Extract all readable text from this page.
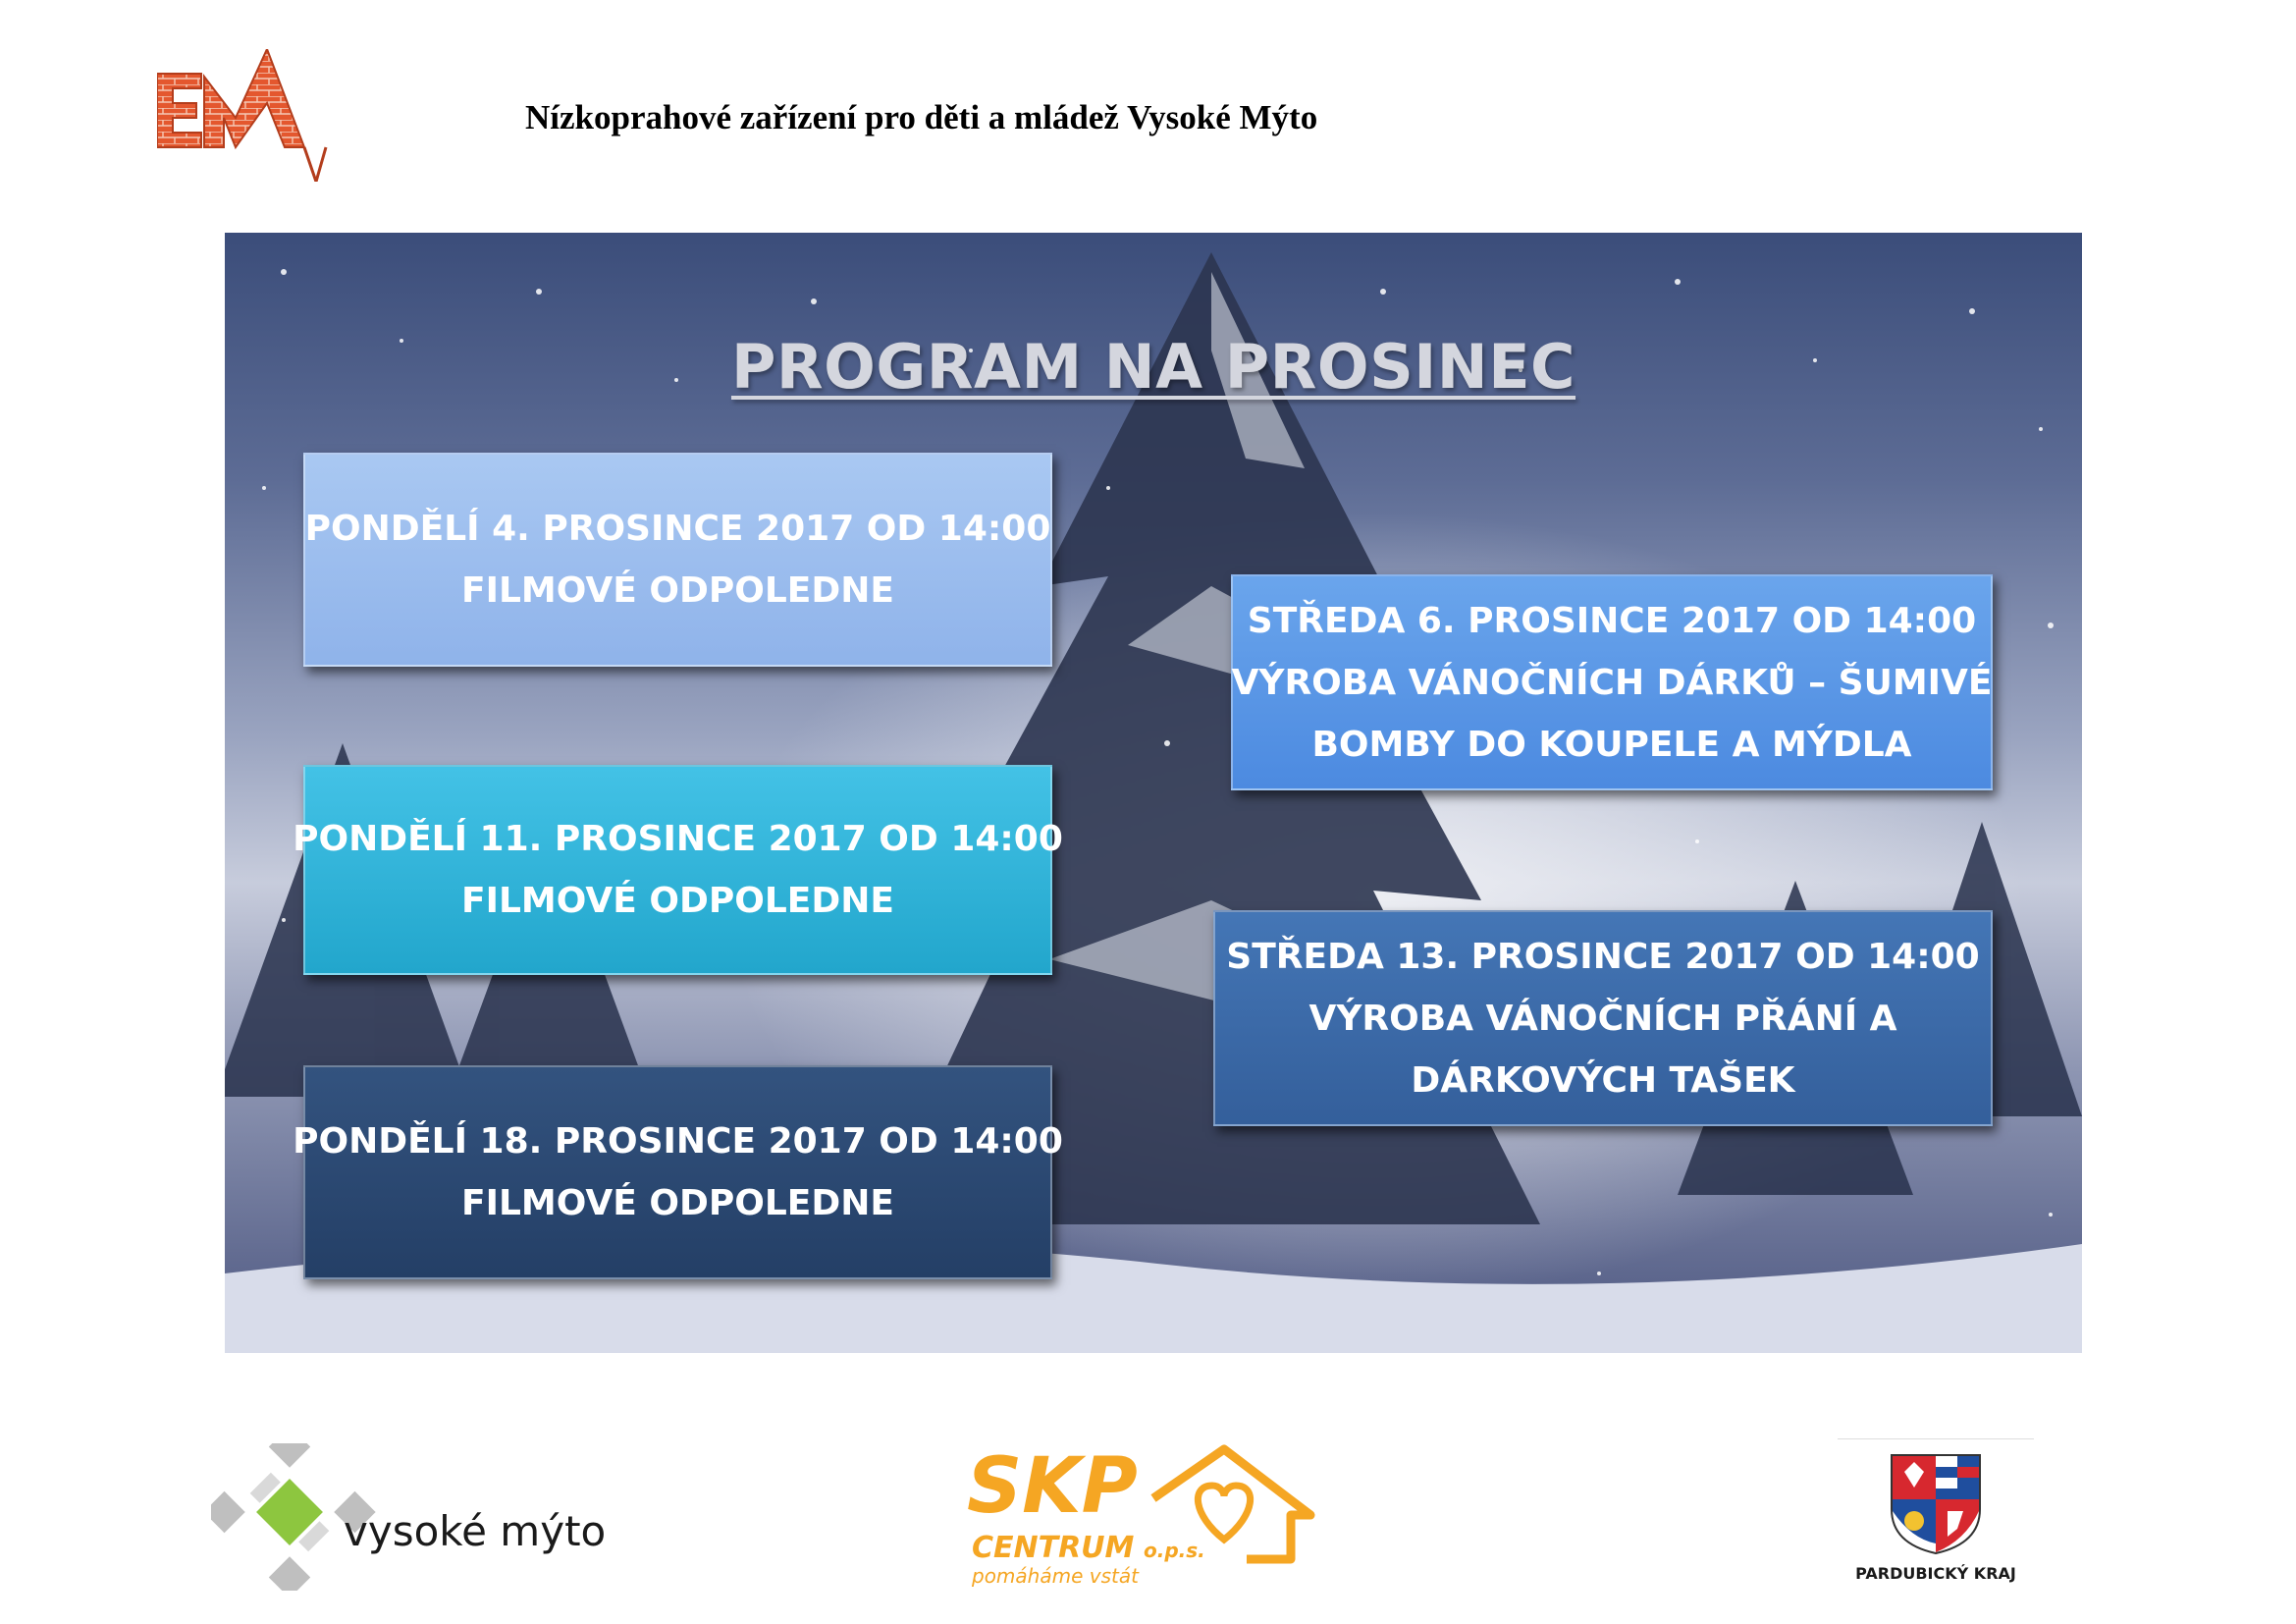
Nízkoprahové zařízení pro děti a mládež Vysoké Mýto
PROGRAM NA PROSINEC
PONDĚLÍ 4. PROSINCE 2017 OD 14:00
FILMOVÉ ODPOLEDNE
PONDĚLÍ 11. PROSINCE 2017 OD 14:00
FILMOVÉ ODPOLEDNE
PONDĚLÍ 18. PROSINCE 2017 OD 14:00
FILMOVÉ ODPOLEDNE
STŘEDA 6. PROSINCE 2017 OD 14:00
VÝROBA VÁNOČNÍCH DÁRKŮ – ŠUMIVÉ
BOMBY DO KOUPELE A MÝDLA
STŘEDA 13. PROSINCE 2017 OD 14:00
VÝROBA VÁNOČNÍCH PŘÁNÍ A
DÁRKOVÝCH TAŠEK
vysoké mýto
SKP
CENTRUM o.p.s.
pomáháme vstát	PARDUBICKÝ KRAJ
